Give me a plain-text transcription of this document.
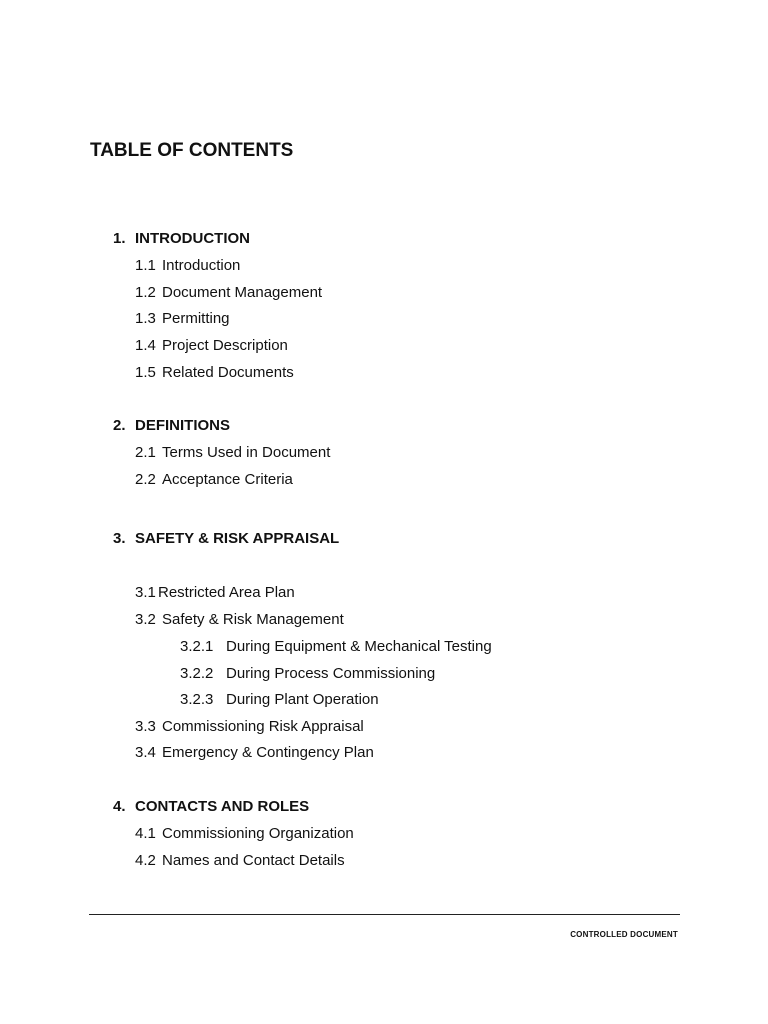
TABLE OF CONTENTS
1. INTRODUCTION
1.1 Introduction
1.2 Document Management
1.3 Permitting
1.4 Project Description
1.5 Related Documents
2. DEFINITIONS
2.1 Terms Used in Document
2.2 Acceptance Criteria
3. SAFETY & RISK APPRAISAL
3.1 Restricted Area Plan
3.2 Safety & Risk Management
3.2.1 During Equipment & Mechanical Testing
3.2.2 During Process Commissioning
3.2.3 During Plant Operation
3.3 Commissioning Risk Appraisal
3.4 Emergency & Contingency Plan
4. CONTACTS AND ROLES
4.1 Commissioning Organization
4.2 Names and Contact Details
CONTROLLED DOCUMENT
